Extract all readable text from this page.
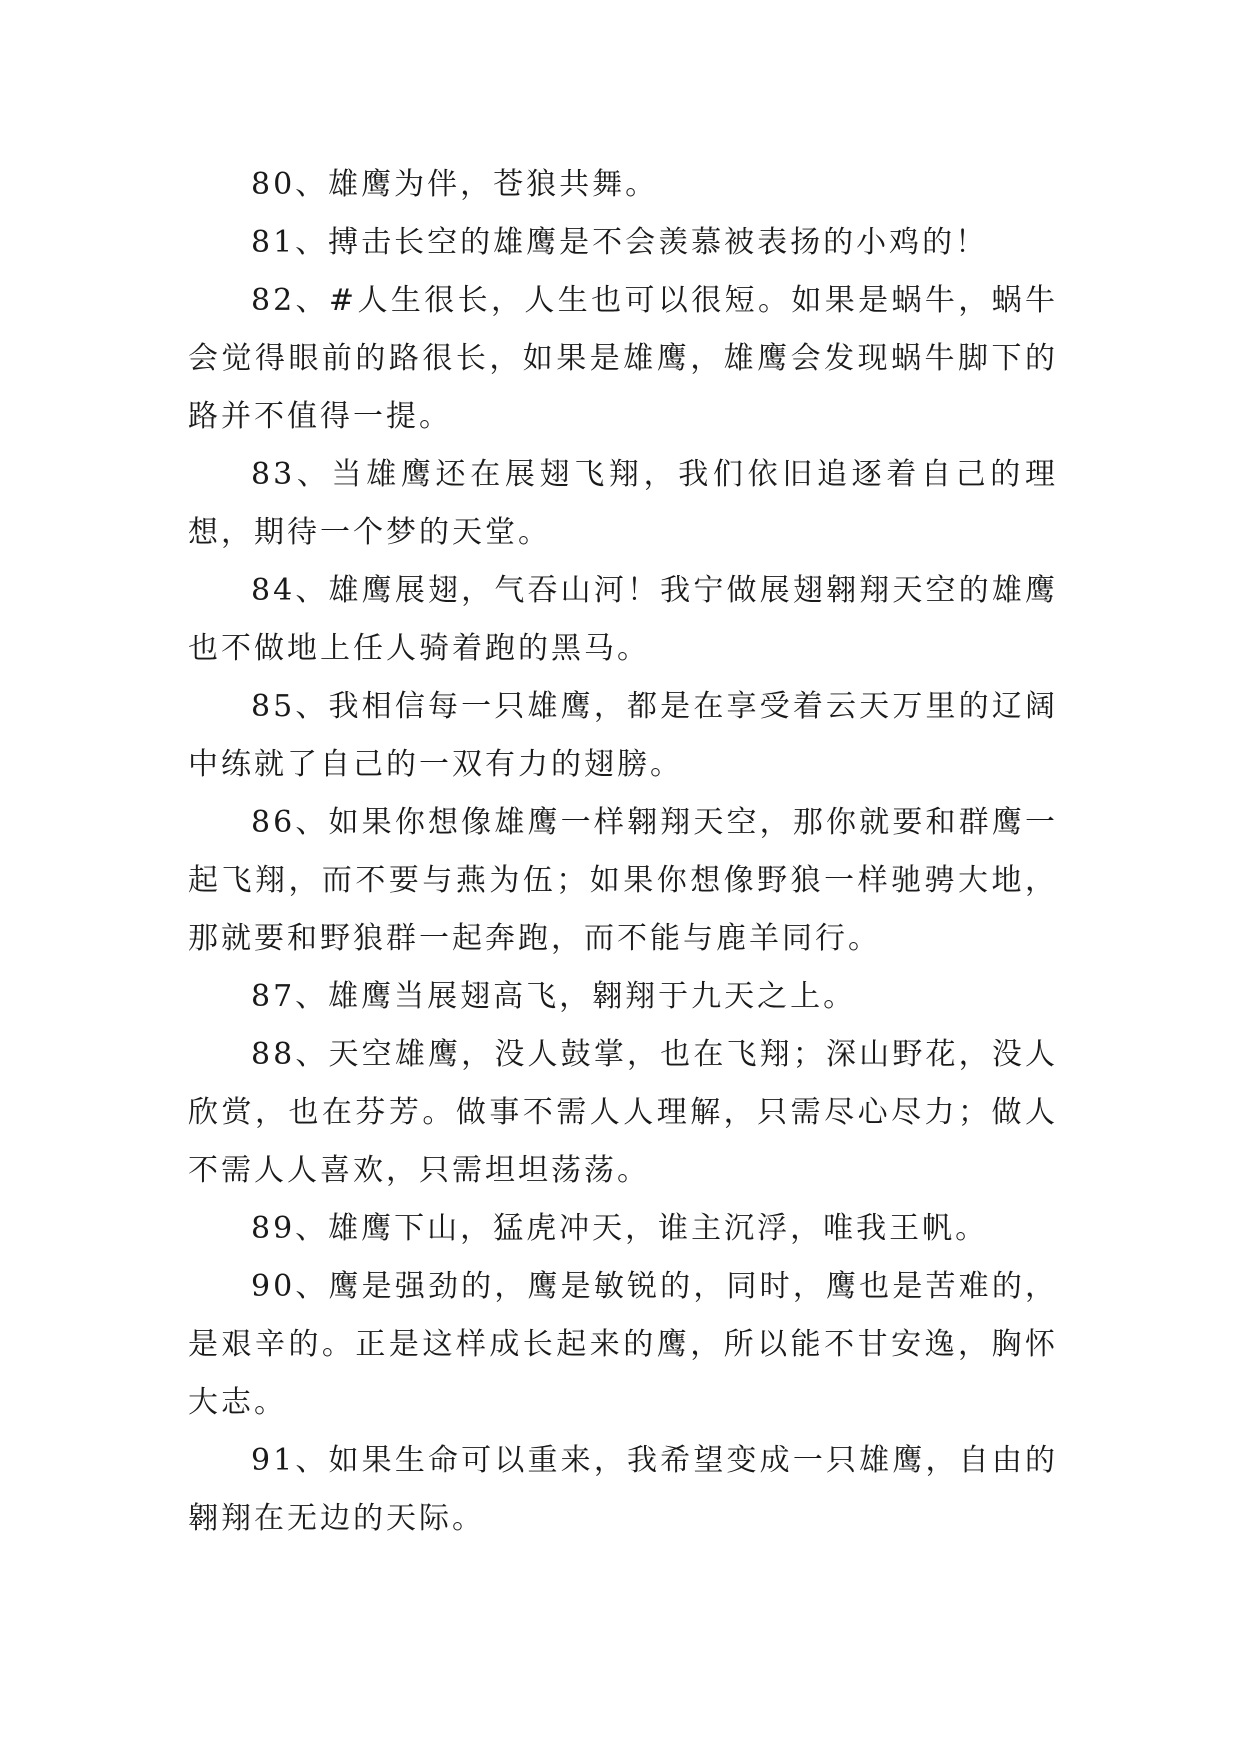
80、雄鹰为伴，苍狼共舞。

81、搏击长空的雄鹰是不会羡慕被表扬的小鸡的！

82、#人生很长，人生也可以很短。如果是蜗牛，蜗牛会觉得眼前的路很长，如果是雄鹰，雄鹰会发现蜗牛脚下的路并不值得一提。

83、当雄鹰还在展翅飞翔，我们依旧追逐着自己的理想，期待一个梦的天堂。

84、雄鹰展翅，气吞山河！我宁做展翅翱翔天空的雄鹰也不做地上任人骑着跑的黑马。

85、我相信每一只雄鹰，都是在享受着云天万里的辽阔中练就了自己的一双有力的翅膀。

86、如果你想像雄鹰一样翱翔天空，那你就要和群鹰一起飞翔，而不要与燕为伍；如果你想像野狼一样驰骋大地，那就要和野狼群一起奔跑，而不能与鹿羊同行。

87、雄鹰当展翅高飞，翱翔于九天之上。

88、天空雄鹰，没人鼓掌，也在飞翔；深山野花，没人欣赏，也在芬芳。做事不需人人理解，只需尽心尽力；做人不需人人喜欢，只需坦坦荡荡。

89、雄鹰下山，猛虎冲天，谁主沉浮，唯我王帆。

90、鹰是强劲的，鹰是敏锐的，同时，鹰也是苦难的，是艰辛的。正是这样成长起来的鹰，所以能不甘安逸，胸怀大志。

91、如果生命可以重来，我希望变成一只雄鹰，自由的翱翔在无边的天际。
